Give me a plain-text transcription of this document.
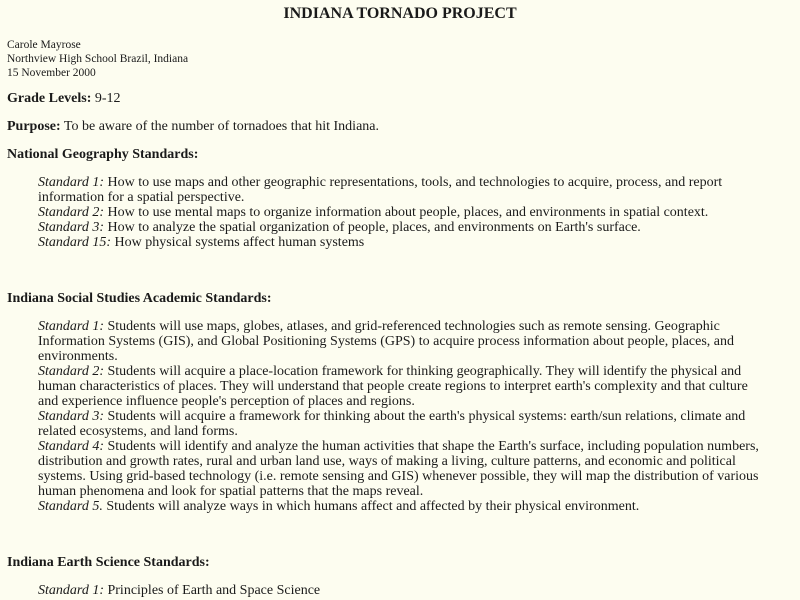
INDIANA TORNADO PROJECT
Carole Mayrose
Northview High School Brazil, Indiana
15 November 2000
Grade Levels: 9-12
Purpose: To be aware of the number of tornadoes that hit Indiana.
National Geography Standards:

Standard 1: How to use maps and other geographic representations, tools, and technologies to acquire, process, and report information for a spatial perspective.

Standard 2: How to use mental maps to organize information about people, places, and environments in spatial context.

Standard 3: How to analyze the spatial organization of people, places, and environments on Earth's surface.

Standard 15: How physical systems affect human systems

Indiana Social Studies Academic Standards:

Standard 1: Students will use maps, globes, atlases, and grid-referenced technologies such as remote sensing. Geographic Information Systems (GIS), and Global Positioning Systems (GPS) to acquire process information about people, places, and environments.

Standard 2: Students will acquire a place-location framework for thinking geographically. They will identify the physical and human characteristics of places. They will understand that people create regions to interpret earth's complexity and that culture and experience influence people's perception of places and regions.

Standard 3: Students will acquire a framework for thinking about the earth's physical systems: earth/sun relations, climate and related ecosystems, and land forms.

Standard 4: Students will identify and analyze the human activities that shape the Earth's surface, including population numbers, distribution and growth rates, rural and urban land use, ways of making a living, culture patterns, and economic and political systems. Using grid-based technology (i.e. remote sensing and GIS) whenever possible, they will map the distribution of various human phenomena and look for spatial patterns that the maps reveal.

Standard 5. Students will analyze ways in which humans affect and affected by their physical environment.

Indiana Earth Science Standards:

Standard 1: Principles of Earth and Space Science
